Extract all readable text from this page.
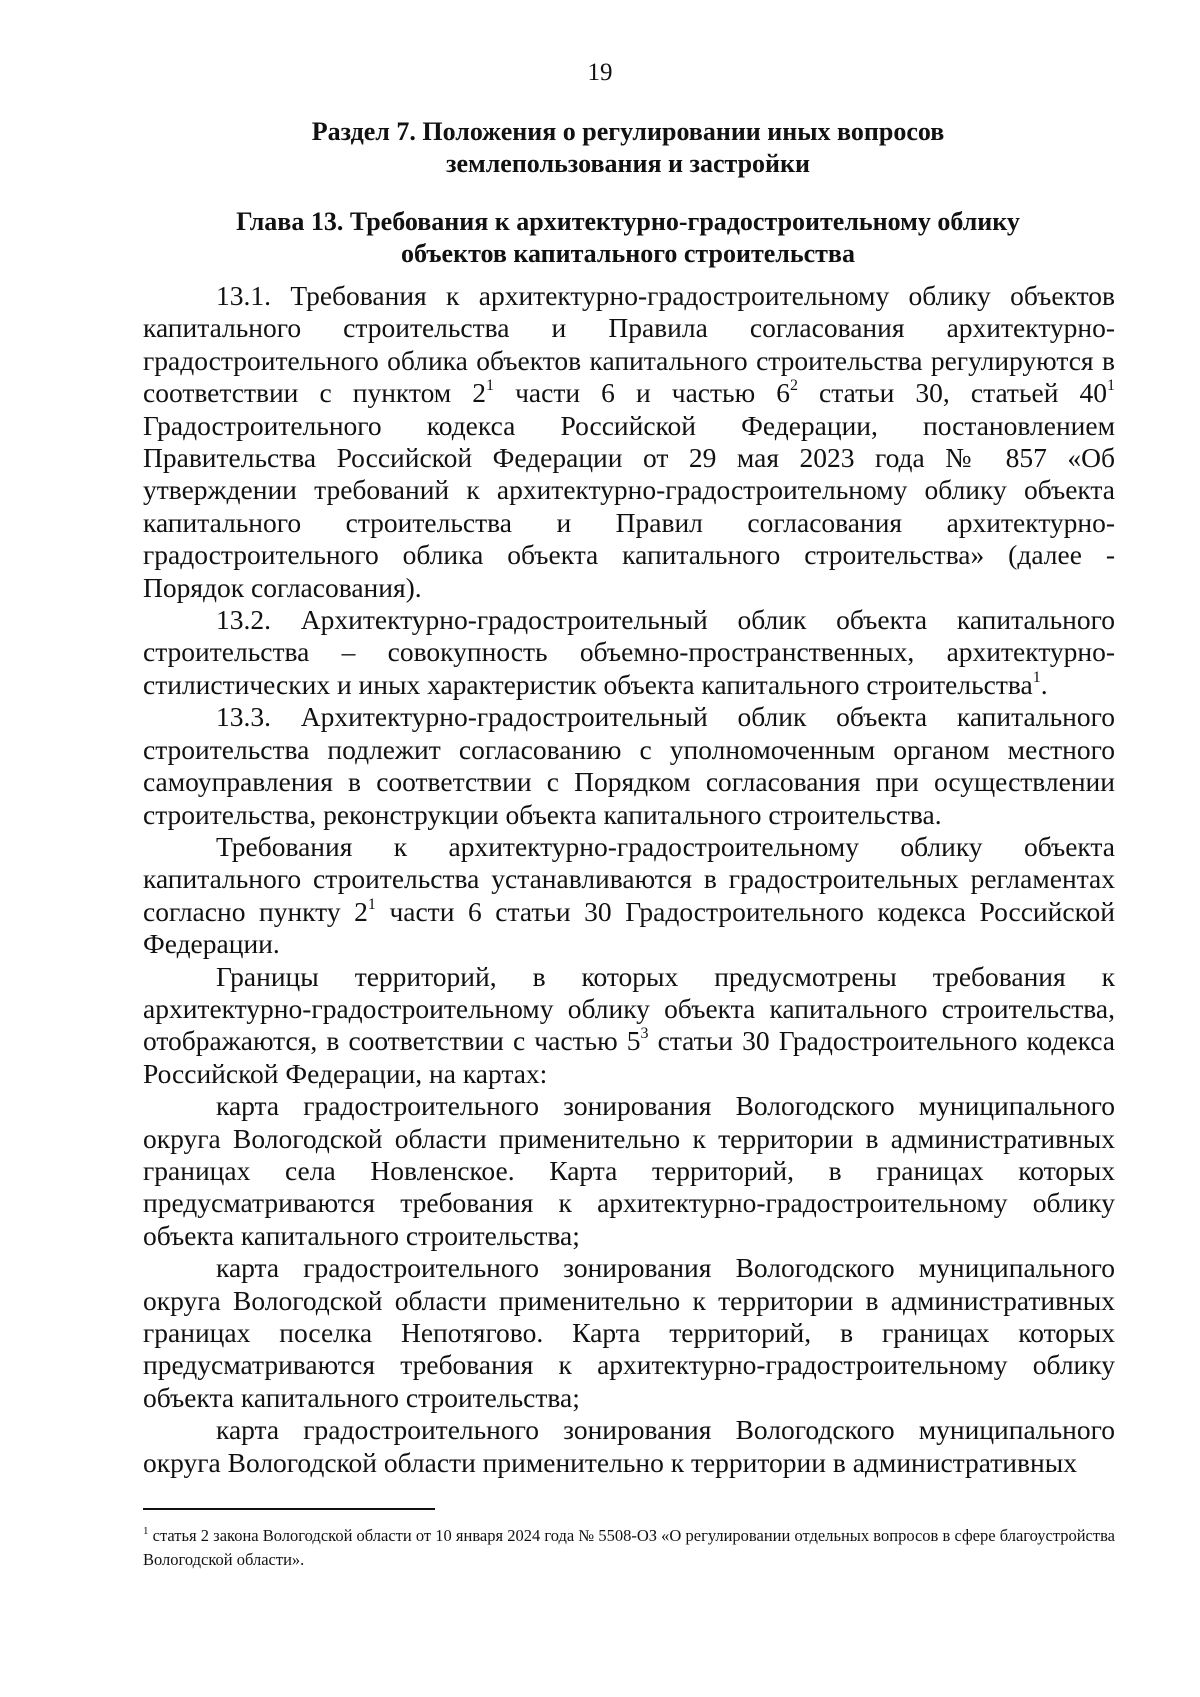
19
Раздел 7. Положения о регулировании иных вопросов
землепользования и застройки
Глава 13. Требования к архитектурно-градостроительному облику
объектов капитального строительства

13.1. Требования к архитектурно-градостроительному облику объектов капитального строительства и Правила согласования архитектурно-градостроительного облика объектов капитального строительства регулируются в соответствии с пунктом $2^1$ части 6 и частью $6^2$ статьи 30, статьей $40^1$ Градостроительного кодекса Российской Федерации, постановлением Правительства Российской Федерации от 29 мая 2023 года № 857 «Об утверждении требований к архитектурно-градостроительному облику объекта капитального строительства и Правил согласования архитектурно-градостроительного облика объекта капитального строительства» (далее - Порядок согласования).

13.2. Архитектурно-градостроительный облик объекта капитального строительства – совокупность объемно-пространственных, архитектурно-стилистических и иных характеристик объекта капитального строительства$^1$.

13.3. Архитектурно-градостроительный облик объекта капитального строительства подлежит согласованию с уполномоченным органом местного самоуправления в соответствии с Порядком согласования при осуществлении строительства, реконструкции объекта капитального строительства.

Требования к архитектурно-градостроительному облику объекта капитального строительства устанавливаются в градостроительных регламентах согласно пункту $2^1$ части 6 статьи 30 Градостроительного кодекса Российской Федерации.

Границы территорий, в которых предусмотрены требования к архитектурно-градостроительному облику объекта капитального строительства, отображаются, в соответствии с частью $5^3$ статьи 30 Градостроительного кодекса Российской Федерации, на картах:

карта градостроительного зонирования Вологодского муниципального округа Вологодской области применительно к территории в административных границах села Новленское. Карта территорий, в границах которых предусматриваются требования к архитектурно-градостроительному облику объекта капитального строительства;

карта градостроительного зонирования Вологодского муниципального округа Вологодской области применительно к территории в административных границах поселка Непотягово. Карта территорий, в границах которых предусматриваются требования к архитектурно-градостроительному облику объекта капитального строительства;

карта градостроительного зонирования Вологодского муниципального округа Вологодской области применительно к территории в административных

$^1$ статья 2 закона Вологодской области от 10 января 2024 года № 5508-ОЗ «О регулировании отдельных вопросов в сфере благоустройства Вологодской области».
